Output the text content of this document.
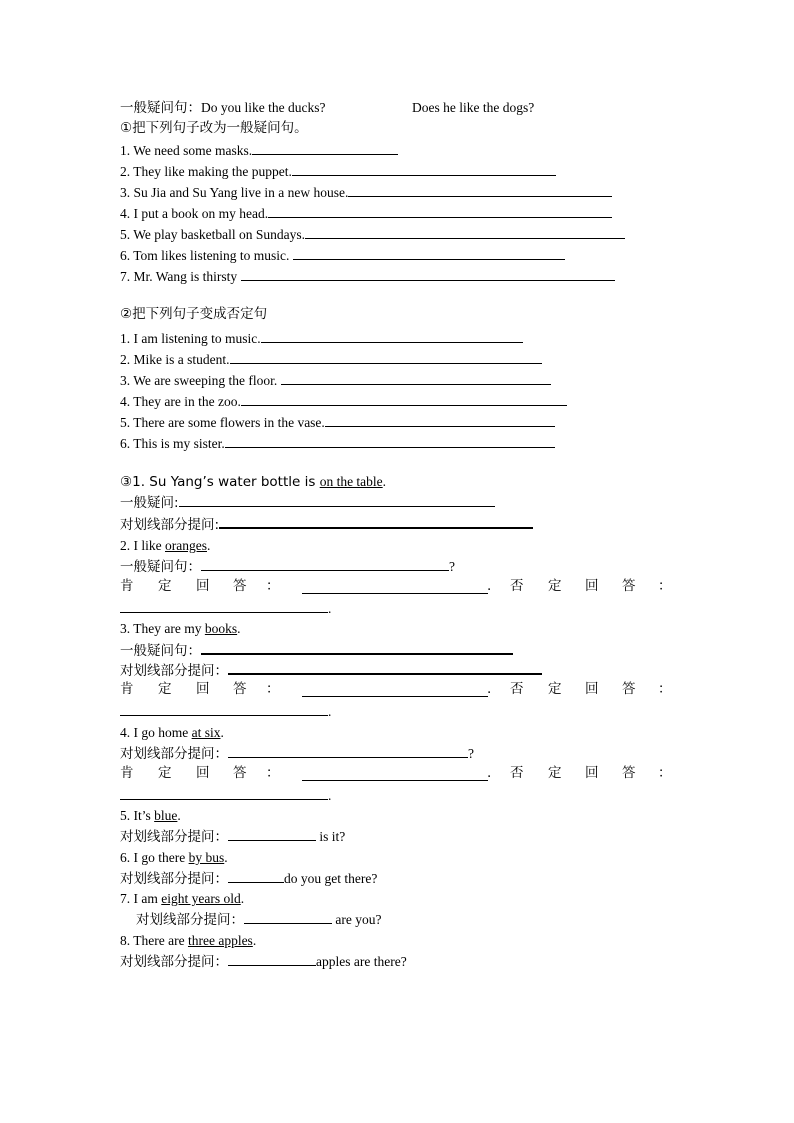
一般疑问句：Do you like the ducks?	Does he like the dogs?
①把下列句子改为一般疑问句。
1. We need some masks.
2. They like making the puppet.
3. Su Jia and Su Yang live in a new house.
4. I put a book on my head.
5. We play basketball on Sundays.
6. Tom likes listening to music.
7. Mr. Wang is thirsty
②把下列句子变成否定句
1. I am listening to music.
2. Mike is a student.
3. We are sweeping the floor.
4. They are in the zoo.
5. There are some flowers in the vase.
6. This is my sister.
③1. Su Yang’s water bottle is on the table.
一般疑问:
对划线部分提问:
2. I like oranges.
一般疑问句：	?
肯 定 回 答 ：	. 否 定 回 答 ：
.
3. They are my books.
一般疑问句：
对划线部分提问：
肯 定 回 答 ：	. 否 定 回 答 ：
.
4. I go home at six.
对划线部分提问：	?
肯 定 回 答 ：	. 否 定 回 答 ：
.
5. It’s blue.
对划线部分提问：	is it?
6. I go there by bus.
对划线部分提问：	do you get there?
7. I am eight years old.
对划线部分提问：	are you?
8. There are three apples.
对划线部分提问：	apples are there?
